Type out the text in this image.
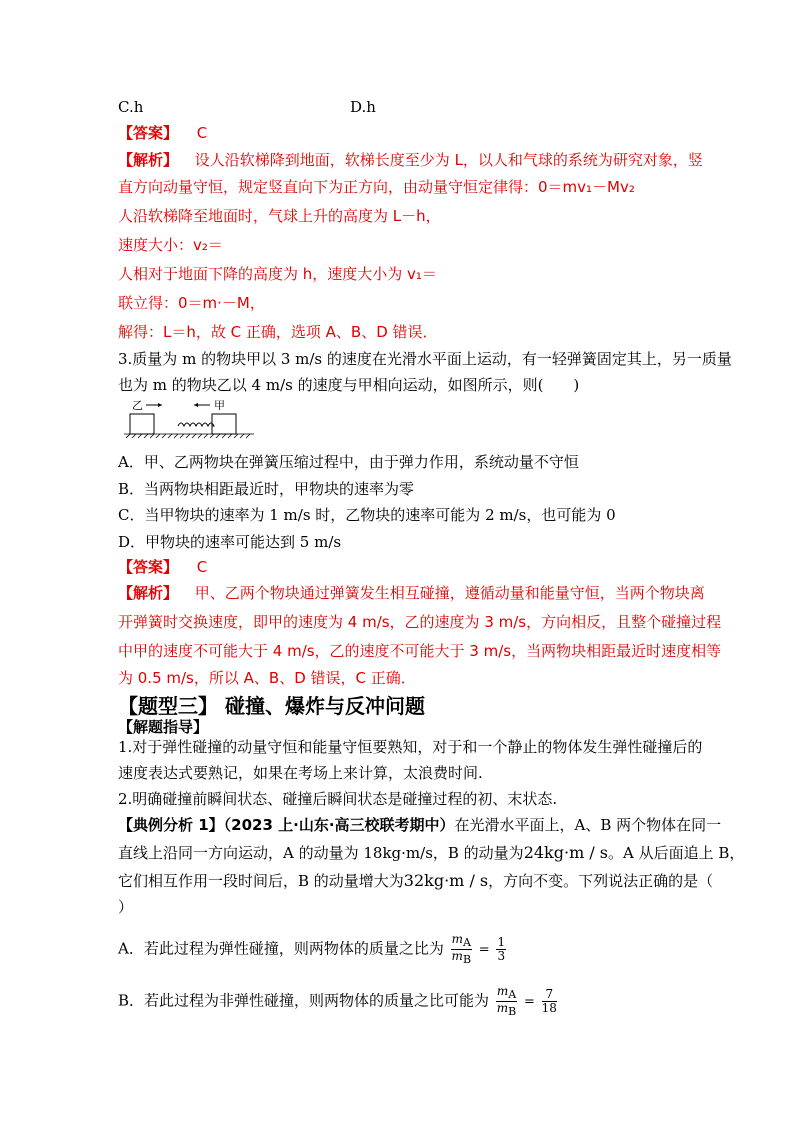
C.h	D.h
【答案】 C
【解析】 设人沿软梯降到地面，软梯长度至少为 L，以人和气球的系统为研究对象，竖
直方向动量守恒，规定竖直向下为正方向，由动量守恒定律得：0＝mv₁－Mv₂
人沿软梯降至地面时，气球上升的高度为 L－h，
速度大小：v₂＝
人相对于地面下降的高度为 h，速度大小为 v₁＝
联立得：0＝m·－M，
解得：L＝h，故 C 正确，选项 A、B、D 错误．
3.质量为 m 的物块甲以 3 m/s 的速度在光滑水平面上运动，有一轻弹簧固定其上，另一质量
也为 m 的物块乙以 4 m/s 的速度与甲相向运动，如图所示，则(　　)
乙	甲
A．甲、乙两物块在弹簧压缩过程中，由于弹力作用，系统动量不守恒
B．当两物块相距最近时，甲物块的速率为零
C．当甲物块的速率为 1 m/s 时，乙物块的速率可能为 2 m/s，也可能为 0
D．甲物块的速率可能达到 5 m/s
【答案】 C
【解析】 甲、乙两个物块通过弹簧发生相互碰撞，遵循动量和能量守恒，当两个物块离
开弹簧时交换速度，即甲的速度为 4 m/s，乙的速度为 3 m/s，方向相反，且整个碰撞过程
中甲的速度不可能大于 4 m/s，乙的速度不可能大于 3 m/s，当两物块相距最近时速度相等
为 0.5 m/s，所以 A、B、D 错误，C 正确．
【题型三】 碰撞、爆炸与反冲问题
【解题指导】
1.对于弹性碰撞的动量守恒和能量守恒要熟知，对于和一个静止的物体发生弹性碰撞后的
速度表达式要熟记，如果在考场上来计算，太浪费时间.
2.明确碰撞前瞬间状态、碰撞后瞬间状态是碰撞过程的初、末状态.
【典例分析 1】（2023 上·山东·高三校联考期中）在光滑水平面上，A、B 两个物体在同一
直线上沿同一方向运动，A 的动量为 18kg·m/s，B 的动量为24kg·m / s。A 从后面追上 B，
它们相互作用一段时间后，B 的动量增大为32kg·m / s，方向不变。下列说法正确的是（
）
A．若此过程为弹性碰撞，则两物体的质量之比为 $\frac{m_A}{m_B} = \frac{1}{3}$
B．若此过程为非弹性碰撞，则两物体的质量之比可能为 $\frac{m_A}{m_B} = \frac{7}{18}$
